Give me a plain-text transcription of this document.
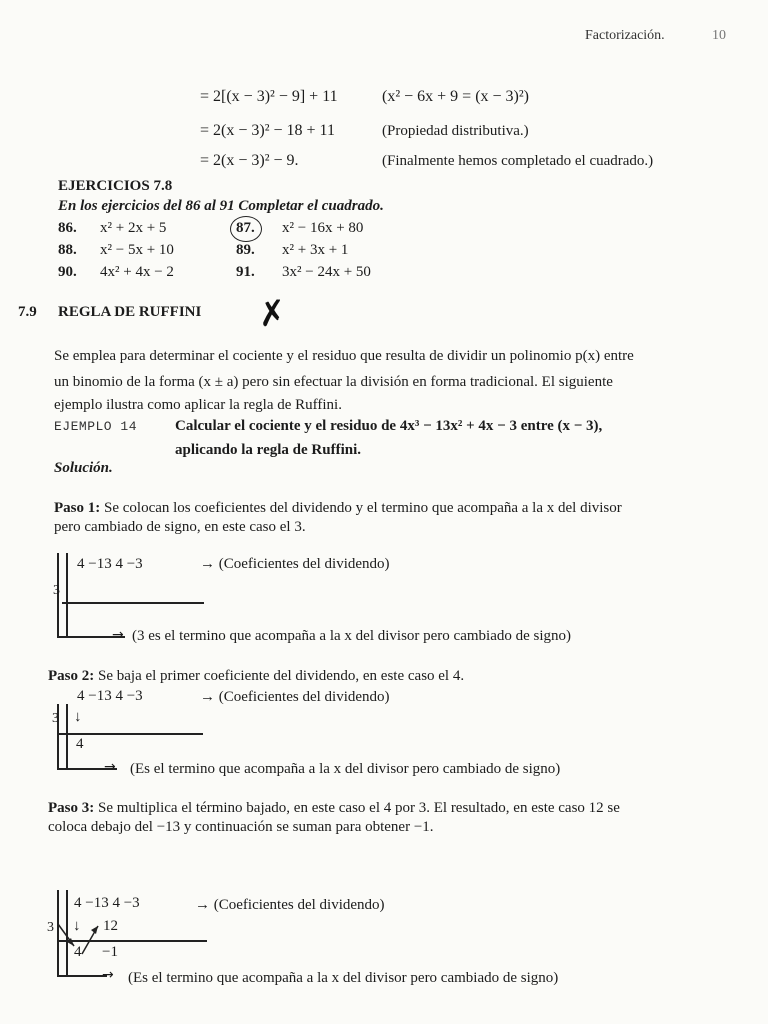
Factorización.	10
= 2[(x − 3)² − 9] + 11	(x² − 6x + 9 = (x − 3)²)
= 2(x − 3)² − 18 + 11	(Propiedad distributiva.)
= 2(x − 3)² − 9.	(Finalmente hemos completado el cuadrado.)
EJERCICIOS 7.8
En los ejercicios del 86 al 91 Completar el cuadrado.
86. x² + 2x + 5	87. x² − 16x + 80
88. x² − 5x + 10	89. x² + 3x + 1
90. 4x² + 4x − 2	91. 3x² − 24x + 50
7.9 REGLA DE RUFFINI ✗
Se emplea para determinar el cociente y el residuo que resulta de dividir un polinomio p(x) entre
un binomio de la forma (x ± a) pero sin efectuar la división en forma tradicional. El siguiente
ejemplo ilustra como aplicar la regla de Ruffini.
EJEMPLO 14	Calcular el cociente y el residuo de 4x³ − 13x² + 4x − 3 entre (x − 3),
aplicando la regla de Ruffini.
Solución.
Paso 1: Se colocan los coeficientes del dividendo y el termino que acompaña a la x del divisor
pero cambiado de signo, en este caso el 3.
4 −13 4 −3	→ (Coeficientes del dividendo)
3
→ (3 es el termino que acompaña a la x del divisor pero cambiado de signo)
Paso 2: Se baja el primer coeficiente del dividendo, en este caso el 4.
4 −13 4 −3	→ (Coeficientes del dividendo)
3 ↓
4
→ (Es el termino que acompaña a la x del divisor pero cambiado de signo)
Paso 3: Se multiplica el término bajado, en este caso el 4 por 3. El resultado, en este caso 12 se
coloca debajo del −13 y continuación se suman para obtener −1.
4 −13 4 −3	→ (Coeficientes del dividendo)
3 ↓ 12
4 −1
→ (Es el termino que acompaña a la x del divisor pero cambiado de signo)
